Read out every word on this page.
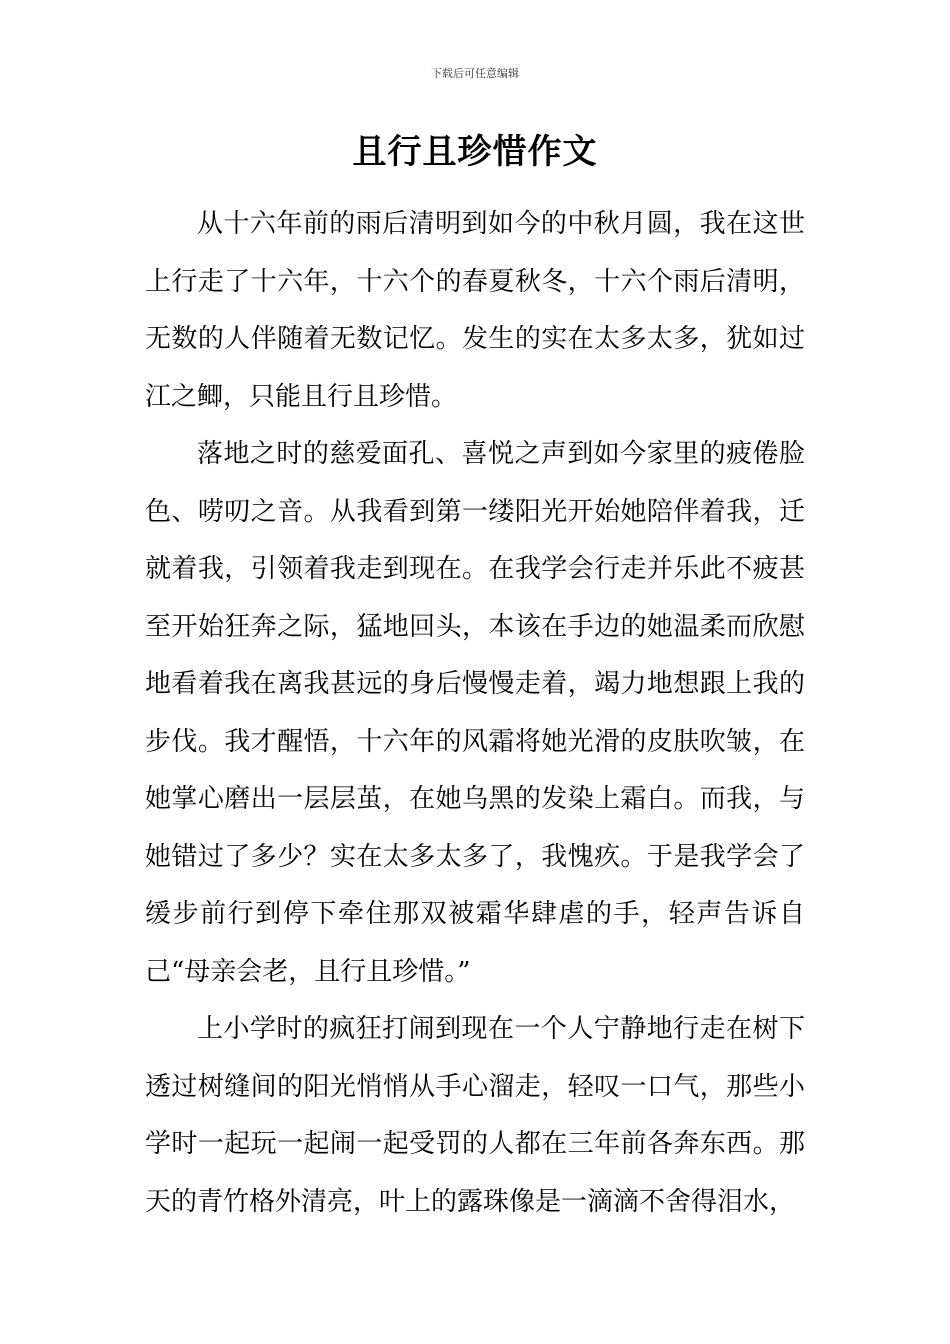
下载后可任意编辑
且行且珍惜作文

从十六年前的雨后清明到如今的中秋月圆，我在这世上行走了十六年，十六个的春夏秋冬，十六个雨后清明，无数的人伴随着无数记忆。发生的实在太多太多，犹如过江之鲫，只能且行且珍惜。

落地之时的慈爱面孔、喜悦之声到如今家里的疲倦脸色、唠叨之音。从我看到第一缕阳光开始她陪伴着我，迁就着我，引领着我走到现在。在我学会行走并乐此不疲甚至开始狂奔之际，猛地回头，本该在手边的她温柔而欣慰地看着我在离我甚远的身后慢慢走着，竭力地想跟上我的步伐。我才醒悟，十六年的风霜将她光滑的皮肤吹皱，在她掌心磨出一层层茧，在她乌黑的发染上霜白。而我，与她错过了多少？实在太多太多了，我愧疚。于是我学会了缓步前行到停下牵住那双被霜华肆虐的手，轻声告诉自己“母亲会老，且行且珍惜。”

上小学时的疯狂打闹到现在一个人宁静地行走在树下透过树缝间的阳光悄悄从手心溜走，轻叹一口气，那些小学时一起玩一起闹一起受罚的人都在三年前各奔东西。那天的青竹格外清亮，叶上的露珠像是一滴滴不舍得泪水，
